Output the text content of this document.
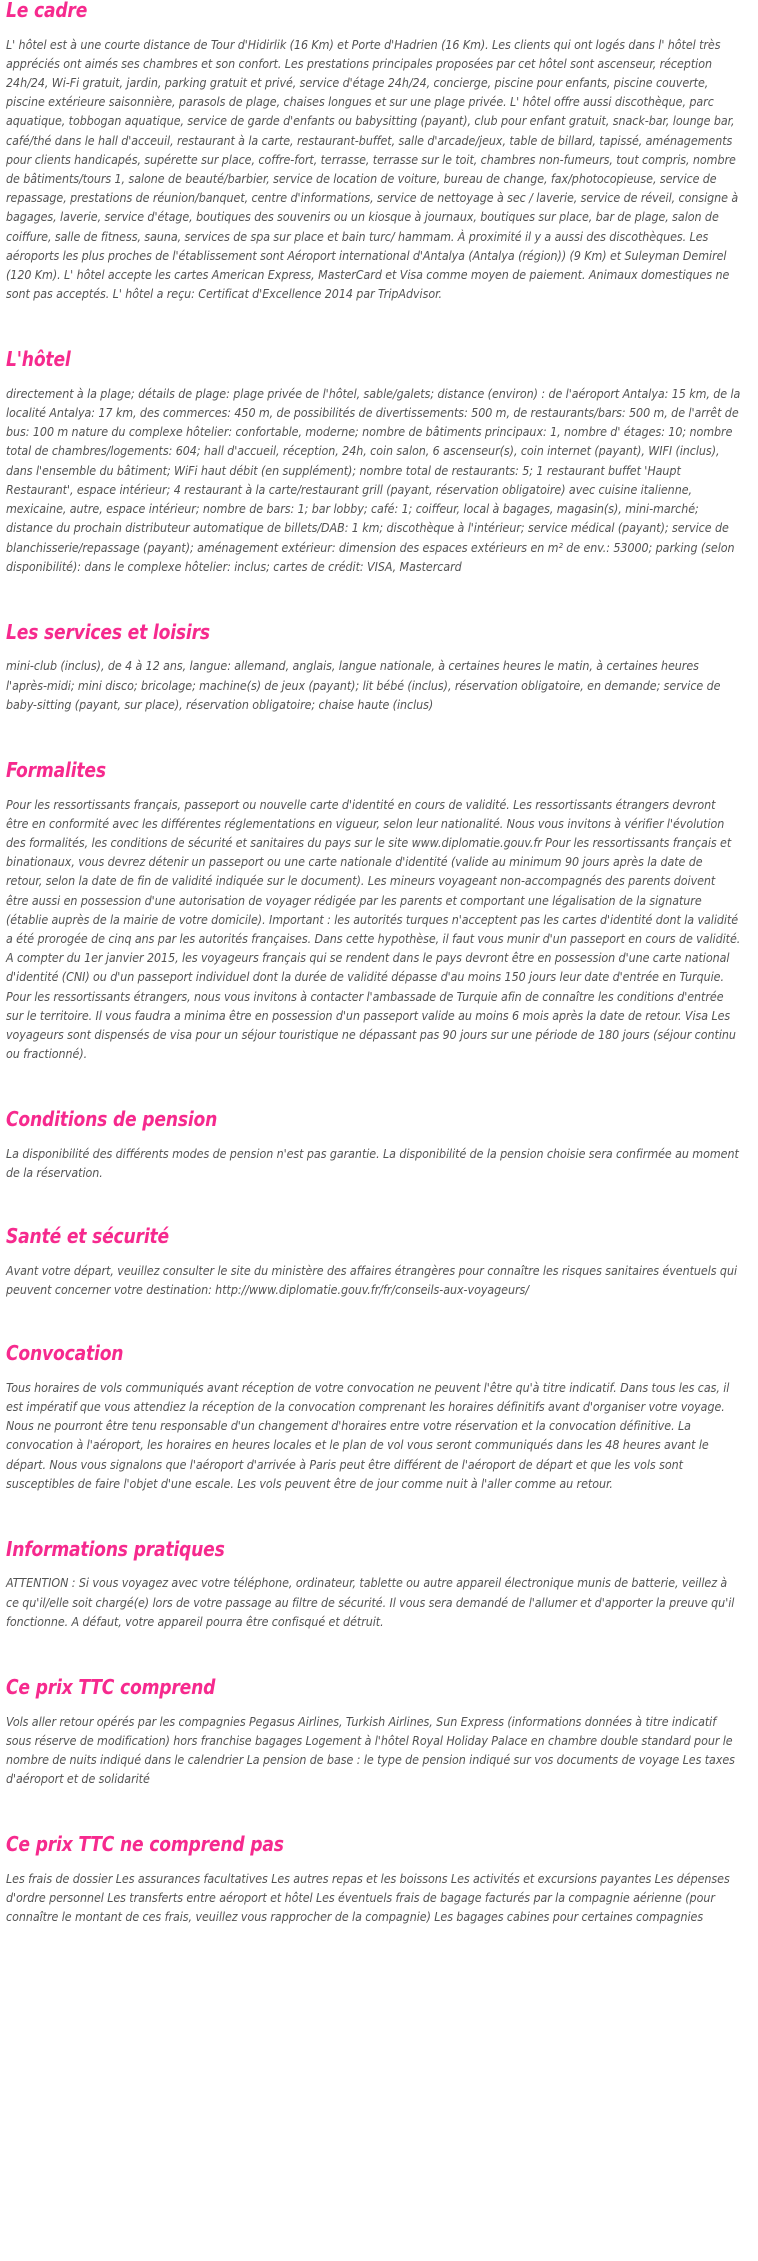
Le cadre

L' hôtel est à une courte distance de Tour d'Hidirlik (16 Km) et Porte d'Hadrien (16 Km). Les clients qui ont logés dans l' hôtel très appréciés ont aimés ses chambres et son confort. Les prestations principales proposées par cet hôtel sont ascenseur, réception 24h/24, Wi-Fi gratuit, jardin, parking gratuit et privé, service d'étage 24h/24, concierge, piscine pour enfants, piscine couverte, piscine extérieure saisonnière, parasols de plage, chaises longues et sur une plage privée. L' hôtel offre aussi discothèque, parc aquatique, tobbogan aquatique, service de garde d'enfants ou babysitting (payant), club pour enfant gratuit, snack-bar, lounge bar, café/thé dans le hall d'acceuil, restaurant à la carte, restaurant-buffet, salle d'arcade/jeux, table de billard, tapissé, aménagements pour clients handicapés, supérette sur place, coffre-fort, terrasse, terrasse sur le toit, chambres non-fumeurs, tout compris, nombre de bâtiments/tours 1, salone de beauté/barbier, service de location de voiture, bureau de change, fax/photocopieuse, service de repassage, prestations de réunion/banquet, centre d'informations, service de nettoyage à sec / laverie, service de réveil, consigne à bagages, laverie, service d'étage, boutiques des souvenirs ou un kiosque à journaux, boutiques sur place, bar de plage, salon de coiffure, salle de fitness, sauna, services de spa sur place et bain turc/ hammam. À proximité il y a aussi des discothèques. Les aéroports les plus proches de l'établissement sont Aéroport international d'Antalya (Antalya (région)) (9 Km) et Suleyman Demirel (120 Km). L' hôtel accepte les cartes American Express, MasterCard et Visa comme moyen de paiement. Animaux domestiques ne sont pas acceptés. L' hôtel a reçu: Certificat d'Excellence 2014 par TripAdvisor.

L'hôtel

directement à la plage; détails de plage: plage privée de l'hôtel, sable/galets; distance (environ) : de l'aéroport Antalya: 15 km, de la localité Antalya: 17 km, des commerces: 450 m, de possibilités de divertissements: 500 m, de restaurants/bars: 500 m, de l'arrêt de bus: 100 m nature du complexe hôtelier: confortable, moderne; nombre de bâtiments principaux: 1, nombre d' étages: 10; nombre total de chambres/logements: 604; hall d'accueil, réception, 24h, coin salon, 6 ascenseur(s), coin internet (payant), WIFI (inclus), dans l'ensemble du bâtiment; WiFi haut débit (en supplément); nombre total de restaurants: 5; 1 restaurant buffet 'Haupt Restaurant', espace intérieur; 4 restaurant à la carte/restaurant grill (payant, réservation obligatoire) avec cuisine italienne, mexicaine, autre, espace intérieur; nombre de bars: 1; bar lobby; café: 1; coiffeur, local à bagages, magasin(s), mini-marché; distance du prochain distributeur automatique de billets/DAB: 1 km; discothèque à l'intérieur; service médical (payant); service de blanchisserie/repassage (payant); aménagement extérieur: dimension des espaces extérieurs en m² de env.: 53000; parking (selon disponibilité): dans le complexe hôtelier: inclus; cartes de crédit: VISA, Mastercard

Les services et loisirs

mini-club (inclus), de 4 à 12 ans, langue: allemand, anglais, langue nationale, à certaines heures le matin, à certaines heures l'après-midi; mini disco; bricolage; machine(s) de jeux (payant); lit bébé (inclus), réservation obligatoire, en demande; service de baby-sitting (payant, sur place), réservation obligatoire; chaise haute (inclus)

Formalites

Pour les ressortissants français, passeport ou nouvelle carte d'identité en cours de validité. Les ressortissants étrangers devront être en conformité avec les différentes réglementations en vigueur, selon leur nationalité. Nous vous invitons à vérifier l'évolution des formalités, les conditions de sécurité et sanitaires du pays sur le site www.diplomatie.gouv.fr Pour les ressortissants français et binationaux, vous devrez détenir un passeport ou une carte nationale d'identité (valide au minimum 90 jours après la date de retour, selon la date de fin de validité indiquée sur le document). Les mineurs voyageant non-accompagnés des parents doivent être aussi en possession d'une autorisation de voyager rédigée par les parents et comportant une légalisation de la signature (établie auprès de la mairie de votre domicile). Important : les autorités turques n'acceptent pas les cartes d'identité dont la validité a été prorogée de cinq ans par les autorités françaises. Dans cette hypothèse, il faut vous munir d'un passeport en cours de validité. A compter du 1er janvier 2015, les voyageurs français qui se rendent dans le pays devront être en possession d'une carte national d'identité (CNI) ou d'un passeport individuel dont la durée de validité dépasse d'au moins 150 jours leur date d'entrée en Turquie. Pour les ressortissants étrangers, nous vous invitons à contacter l'ambassade de Turquie afin de connaître les conditions d'entrée sur le territoire. Il vous faudra a minima être en possession d'un passeport valide au moins 6 mois après la date de retour. Visa Les voyageurs sont dispensés de visa pour un séjour touristique ne dépassant pas 90 jours sur une période de 180 jours (séjour continu ou fractionné).

Conditions de pension

La disponibilité des différents modes de pension n'est pas garantie. La disponibilité de la pension choisie sera confirmée au moment de la réservation.

Santé et sécurité

Avant votre départ, veuillez consulter le site du ministère des affaires étrangères pour connaître les risques sanitaires éventuels qui peuvent concerner votre destination: http://www.diplomatie.gouv.fr/fr/conseils-aux-voyageurs/

Convocation

Tous horaires de vols communiqués avant réception de votre convocation ne peuvent l'être qu'à titre indicatif. Dans tous les cas, il est impératif que vous attendiez la réception de la convocation comprenant les horaires définitifs avant d'organiser votre voyage. Nous ne pourront être tenu responsable d'un changement d'horaires entre votre réservation et la convocation définitive. La convocation à l'aéroport, les horaires en heures locales et le plan de vol vous seront communiqués dans les 48 heures avant le départ. Nous vous signalons que l'aéroport d'arrivée à Paris peut être différent de l'aéroport de départ et que les vols sont susceptibles de faire l'objet d'une escale. Les vols peuvent être de jour comme nuit à l'aller comme au retour.

Informations pratiques

ATTENTION : Si vous voyagez avec votre téléphone, ordinateur, tablette ou autre appareil électronique munis de batterie, veillez à ce qu'il/elle soit chargé(e) lors de votre passage au filtre de sécurité. Il vous sera demandé de l'allumer et d'apporter la preuve qu'il fonctionne. A défaut, votre appareil pourra être confisqué et détruit.

Ce prix TTC comprend

Vols aller retour opérés par les compagnies Pegasus Airlines, Turkish Airlines, Sun Express (informations données à titre indicatif sous réserve de modification) hors franchise bagages Logement à l'hôtel Royal Holiday Palace en chambre double standard pour le nombre de nuits indiqué dans le calendrier La pension de base : le type de pension indiqué sur vos documents de voyage Les taxes d'aéroport et de solidarité

Ce prix TTC ne comprend pas

Les frais de dossier Les assurances facultatives Les autres repas et les boissons Les activités et excursions payantes Les dépenses d'ordre personnel Les transferts entre aéroport et hôtel Les éventuels frais de bagage facturés par la compagnie aérienne (pour connaître le montant de ces frais, veuillez vous rapprocher de la compagnie) Les bagages cabines pour certaines compagnies
